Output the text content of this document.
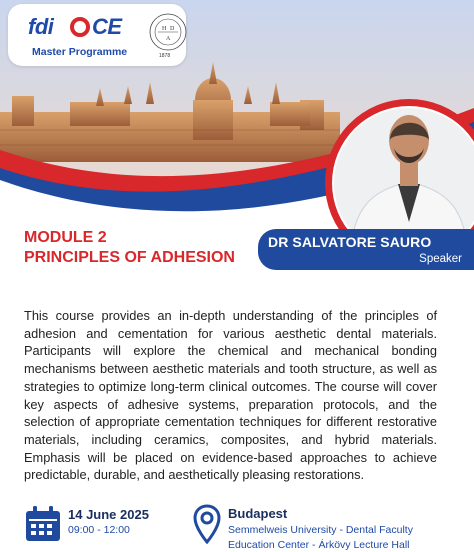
fdi CE
Master Programme
H D
A
1878
MODULE 2
PRINCIPLES OF ADHESION
DR SALVATORE SAURO
Speaker

This course provides an in-depth understanding of the principles of adhesion and cementation for various aesthetic dental materials. Participants will explore the chemical and mechanical bonding mechanisms between aesthetic materials and tooth structure, as well as strategies to optimize long-term clinical outcomes. The course will cover key aspects of adhesive systems, preparation protocols, and the selection of appropriate cementation techniques for different restorative materials, including ceramics, composites, and hybrid materials. Emphasis will be placed on evidence-based approaches to achieve predictable, durable, and aesthetically pleasing restorations.

14 June 2025
09:00 - 12:00
Budapest
Semmelweis University - Dental Faculty
Education Center - Árkövy Lecture Hall
